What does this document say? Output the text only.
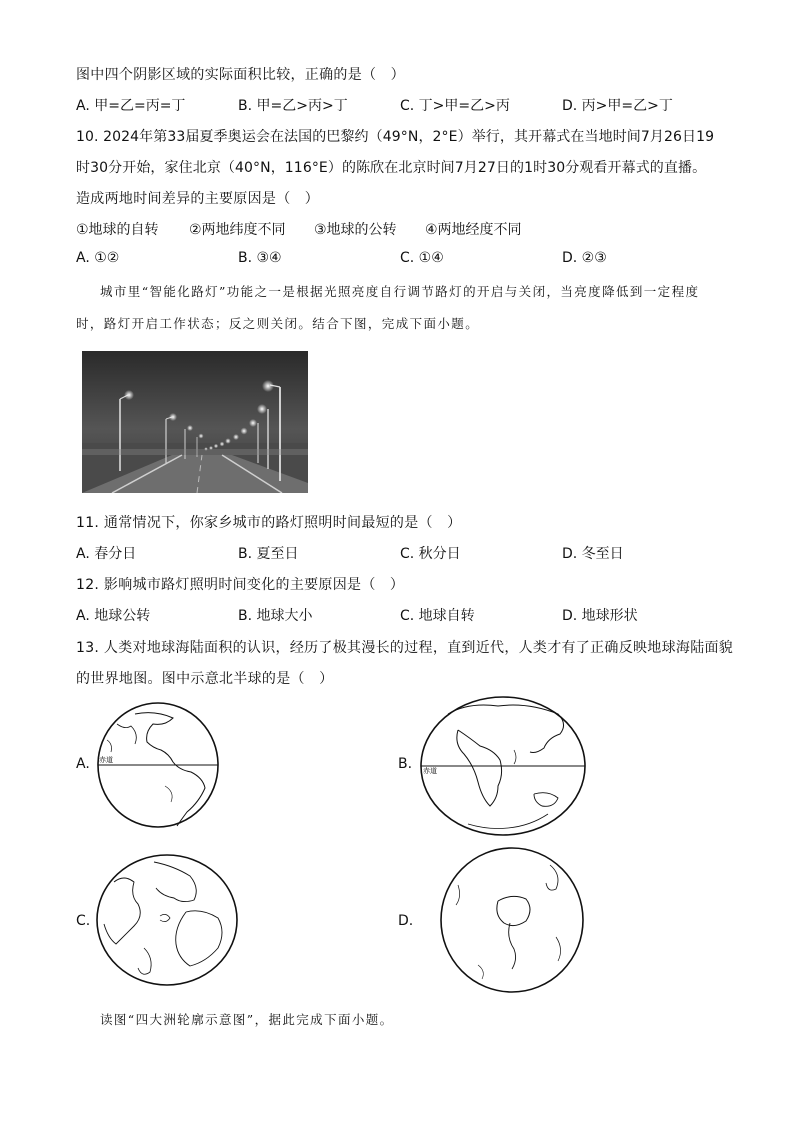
图中四个阴影区域的实际面积比较，正确的是（　）
A. 甲=乙=丙=丁	B. 甲=乙>丙>丁	C. 丁>甲=乙>丙	D. 丙>甲=乙>丁
10. 2024年第33届夏季奥运会在法国的巴黎约（49°N，2°E）举行，其开幕式在当地时间7月26日19
时30分开始，家住北京（40°N，116°E）的陈欣在北京时间7月27日的1时30分观看开幕式的直播。
造成两地时间差异的主要原因是（　）
①地球的自转 ②两地纬度不同 ③地球的公转 ④两地经度不同
A. ①②	B. ③④	C. ①④	D. ②③
城市里“智能化路灯”功能之一是根据光照亮度自行调节路灯的开启与关闭，当亮度降低到一定程度时，路灯开启工作状态；反之则关闭。结合下图，完成下面小题。
11. 通常情况下，你家乡城市的路灯照明时间最短的是（　）
A. 春分日	B. 夏至日	C. 秋分日	D. 冬至日
12. 影响城市路灯照明时间变化的主要原因是（　）
A. 地球公转	B. 地球大小	C. 地球自转	D. 地球形状
13. 人类对地球海陆面积的认识，经历了极其漫长的过程，直到近代，人类才有了正确反映地球海陆面貌
的世界地图。图中示意北半球的是（　）
A. 赤道	B. 赤道
C.	D.
读图“四大洲轮廓示意图”，据此完成下面小题。
